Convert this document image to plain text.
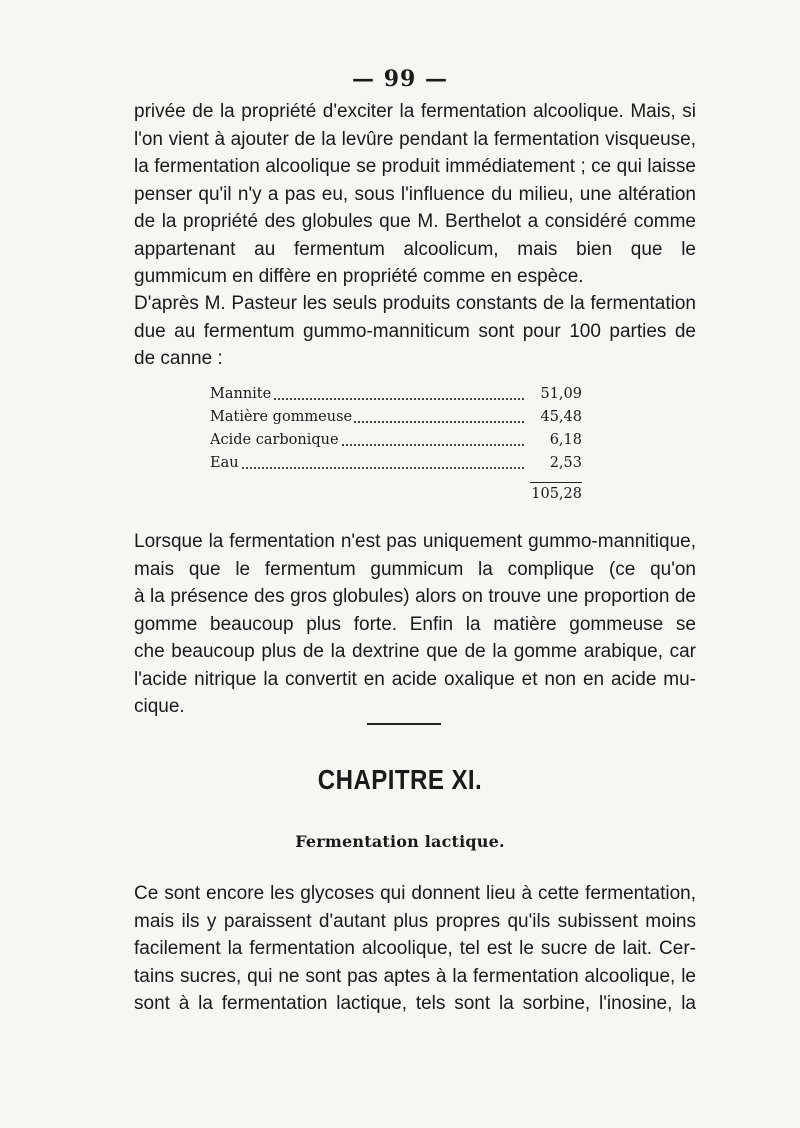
— 99 —
privée de la propriété d'exciter la fermentation alcoolique. Mais, si
l'on vient à ajouter de la levûre pendant la fermentation visqueuse,
la fermentation alcoolique se produit immédiatement ; ce qui laisse
penser qu'il n'y a pas eu, sous l'influence du milieu, une altération
de la propriété des globules que M. Berthelot a considéré comme
appartenant au fermentum alcoolicum, mais bien que le
gummicum en diffère en propriété comme en espèce.
D'après M. Pasteur les seuls produits constants de la fermentation
due au fermentum gummo-manniticum sont pour 100 parties de
de canne :
Mannite	51,09
Matière gommeuse	45,48
Acide carbonique	6,18
Eau	2,53
105,28
Lorsque la fermentation n'est pas uniquement gummo-mannitique,
mais que le fermentum gummicum la complique (ce qu'on
à la présence des gros globules) alors on trouve une proportion de
gomme beaucoup plus forte. Enfin la matière gommeuse se
che beaucoup plus de la dextrine que de la gomme arabique, car
l'acide nitrique la convertit en acide oxalique et non en acide mu-
cique.
CHAPITRE XI.
Fermentation lactique.
Ce sont encore les glycoses qui donnent lieu à cette fermentation,
mais ils y paraissent d'autant plus propres qu'ils subissent moins
facilement la fermentation alcoolique, tel est le sucre de lait. Cer-
tains sucres, qui ne sont pas aptes à la fermentation alcoolique, le
sont à la fermentation lactique, tels sont la sorbine, l'inosine, la
